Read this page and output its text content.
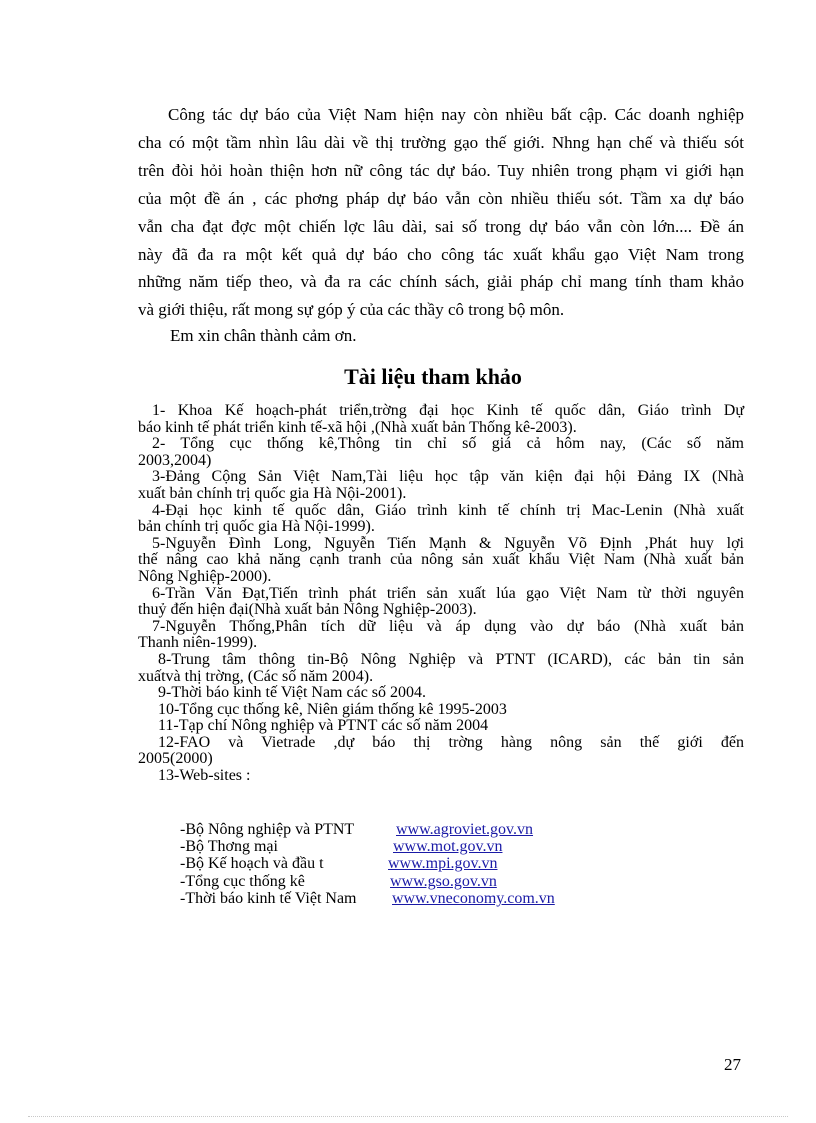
Công tác dự báo của Việt Nam hiện nay còn nhiều bất cập. Các doanh nghiệp
cha có một tầm nhìn lâu dài về thị trường gạo thế giới. Nhng hạn chế và thiếu sót
trên đòi hỏi hoàn thiện hơn nữ công tác dự báo. Tuy nhiên trong phạm vi giới hạn
của một đề án , các phơng pháp dự báo vẫn còn nhiều thiếu sót. Tầm xa dự báo
vẫn cha đạt đợc một chiến lợc lâu dài, sai số trong dự báo vẫn còn lớn.... Đề án
này đã đa ra một kết quả dự báo cho công tác xuất khẩu gạo Việt Nam trong
những năm tiếp theo, và đa ra các chính sách, giải pháp chỉ mang tính tham khảo
và giới thiệu, rất mong sự góp ý của các thầy cô trong bộ môn.
Em xin chân thành cảm ơn.
Tài liệu tham khảo
1- Khoa Kế hoạch-phát triển,trờng đại học Kinh tế quốc dân, Giáo trình Dự
báo kinh tế phát triển kinh tế-xã hội ,(Nhà xuất bản Thống kê-2003).
2- Tổng cục thống kê,Thông tin chỉ số giá cả hôm nay, (Các số năm
2003,2004)
3-Đảng Cộng Sản Việt Nam,Tài liệu học tập văn kiện đại hội Đảng IX (Nhà
xuất bản chính trị quốc gia Hà Nội-2001).
4-Đại học kinh tế quốc dân, Giáo trình kinh tế chính trị Mac-Lenin (Nhà xuất
bản chính trị quốc gia Hà Nội-1999).
5-Nguyễn Đình Long, Nguyễn Tiến Mạnh & Nguyễn Võ Định ,Phát huy lợi
thế nâng cao khả năng cạnh tranh của nông sản xuất khẩu Việt Nam (Nhà xuất bản
Nông Nghiệp-2000).
6-Trần Văn Đạt,Tiến trình phát triển sản xuất lúa gạo Việt Nam từ thời nguyên
thuỷ đến hiện đại(Nhà xuất bản Nông Nghiệp-2003).
7-Nguyễn Thống,Phân tích dữ liệu và áp dụng vào dự báo (Nhà xuất bản
Thanh niên-1999).
8-Trung tâm thông tin-Bộ Nông Nghiệp và PTNT (ICARD), các bản tin sản
xuấtvà thị trờng, (Các số năm 2004).
9-Thời báo kinh tế Việt Nam các số 2004.
10-Tổng cục thống kê, Niên giám thống kê 1995-2003
11-Tạp chí Nông nghiệp và PTNT các số năm 2004
12-FAO và Vietrade ,dự báo thị trờng hàng nông sản thế giới đến
2005(2000)
13-Web-sites :
-Bộ Nông nghiệp và PTNT	www.agroviet.gov.vn
-Bộ Thơng mại	www.mot.gov.vn
-Bộ Kế hoạch và đầu t	www.mpi.gov.vn
-Tổng cục thống kê	www.gso.gov.vn
-Thời báo kinh tế Việt Nam www.vneconomy.com.vn
27
